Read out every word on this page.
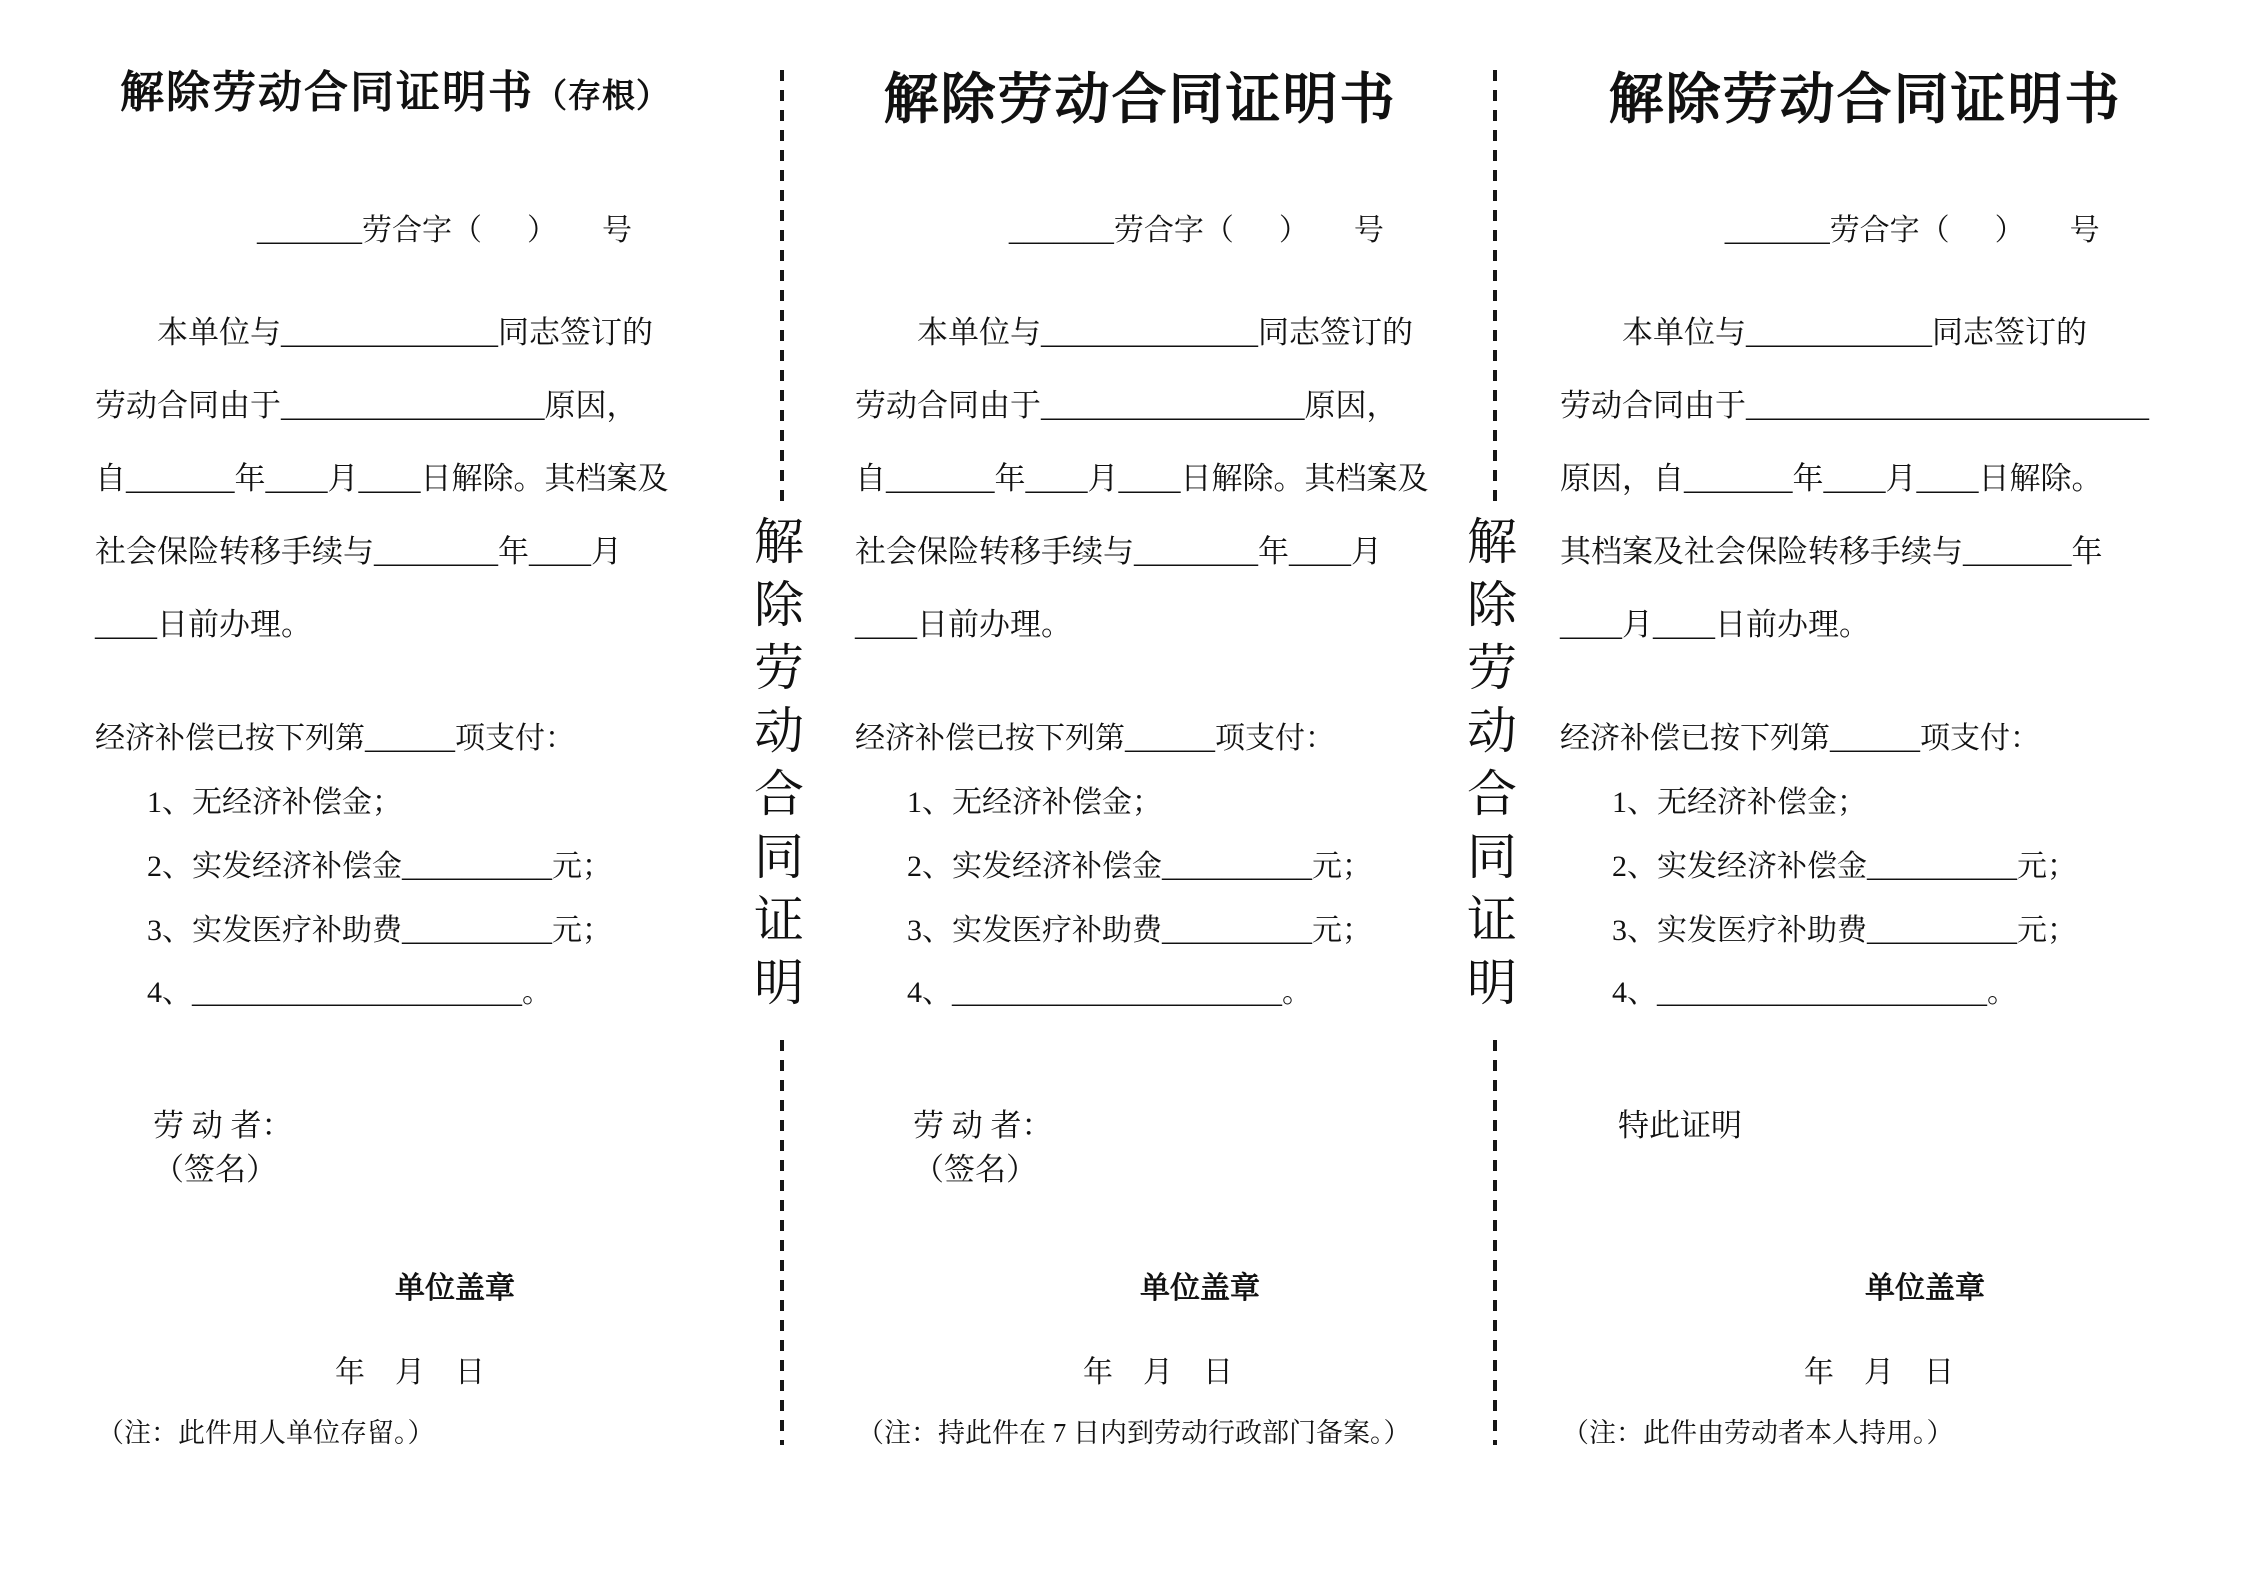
解除劳动合同证明书（存根）
_______劳合字（      ）      号
本单位与______________同志签订的
劳动合同由于_________________原因，
自_______年____月____日解除。其档案及
社会保险转移手续与________年____月
____日前办理。
经济补偿已按下列第______项支付：
1、无经济补偿金；
2、实发经济补偿金__________元；
3、实发医疗补助费__________元；
4、______________________。
劳 动 者：
（签名）
单位盖章
年    月    日
（注：此件用人单位存留。）
解除劳动合同证明
解除劳动合同证明书
_______劳合字（      ）      号
本单位与______________同志签订的
劳动合同由于_________________原因，
自_______年____月____日解除。其档案及
社会保险转移手续与________年____月
____日前办理。
经济补偿已按下列第______项支付：
1、无经济补偿金；
2、实发经济补偿金__________元；
3、实发医疗补助费__________元；
4、______________________。
劳 动 者：
（签名）
单位盖章
年    月    日
（注：持此件在 7 日内到劳动行政部门备案。）
解除劳动合同证明
解除劳动合同证明书
_______劳合字（      ）      号
本单位与____________同志签订的
劳动合同由于__________________________
原因，自_______年____月____日解除。
其档案及社会保险转移手续与_______年
____月____日前办理。
经济补偿已按下列第______项支付：
1、无经济补偿金；
2、实发经济补偿金__________元；
3、实发医疗补助费__________元；
4、______________________。
特此证明
单位盖章
年    月    日
（注：此件由劳动者本人持用。）
